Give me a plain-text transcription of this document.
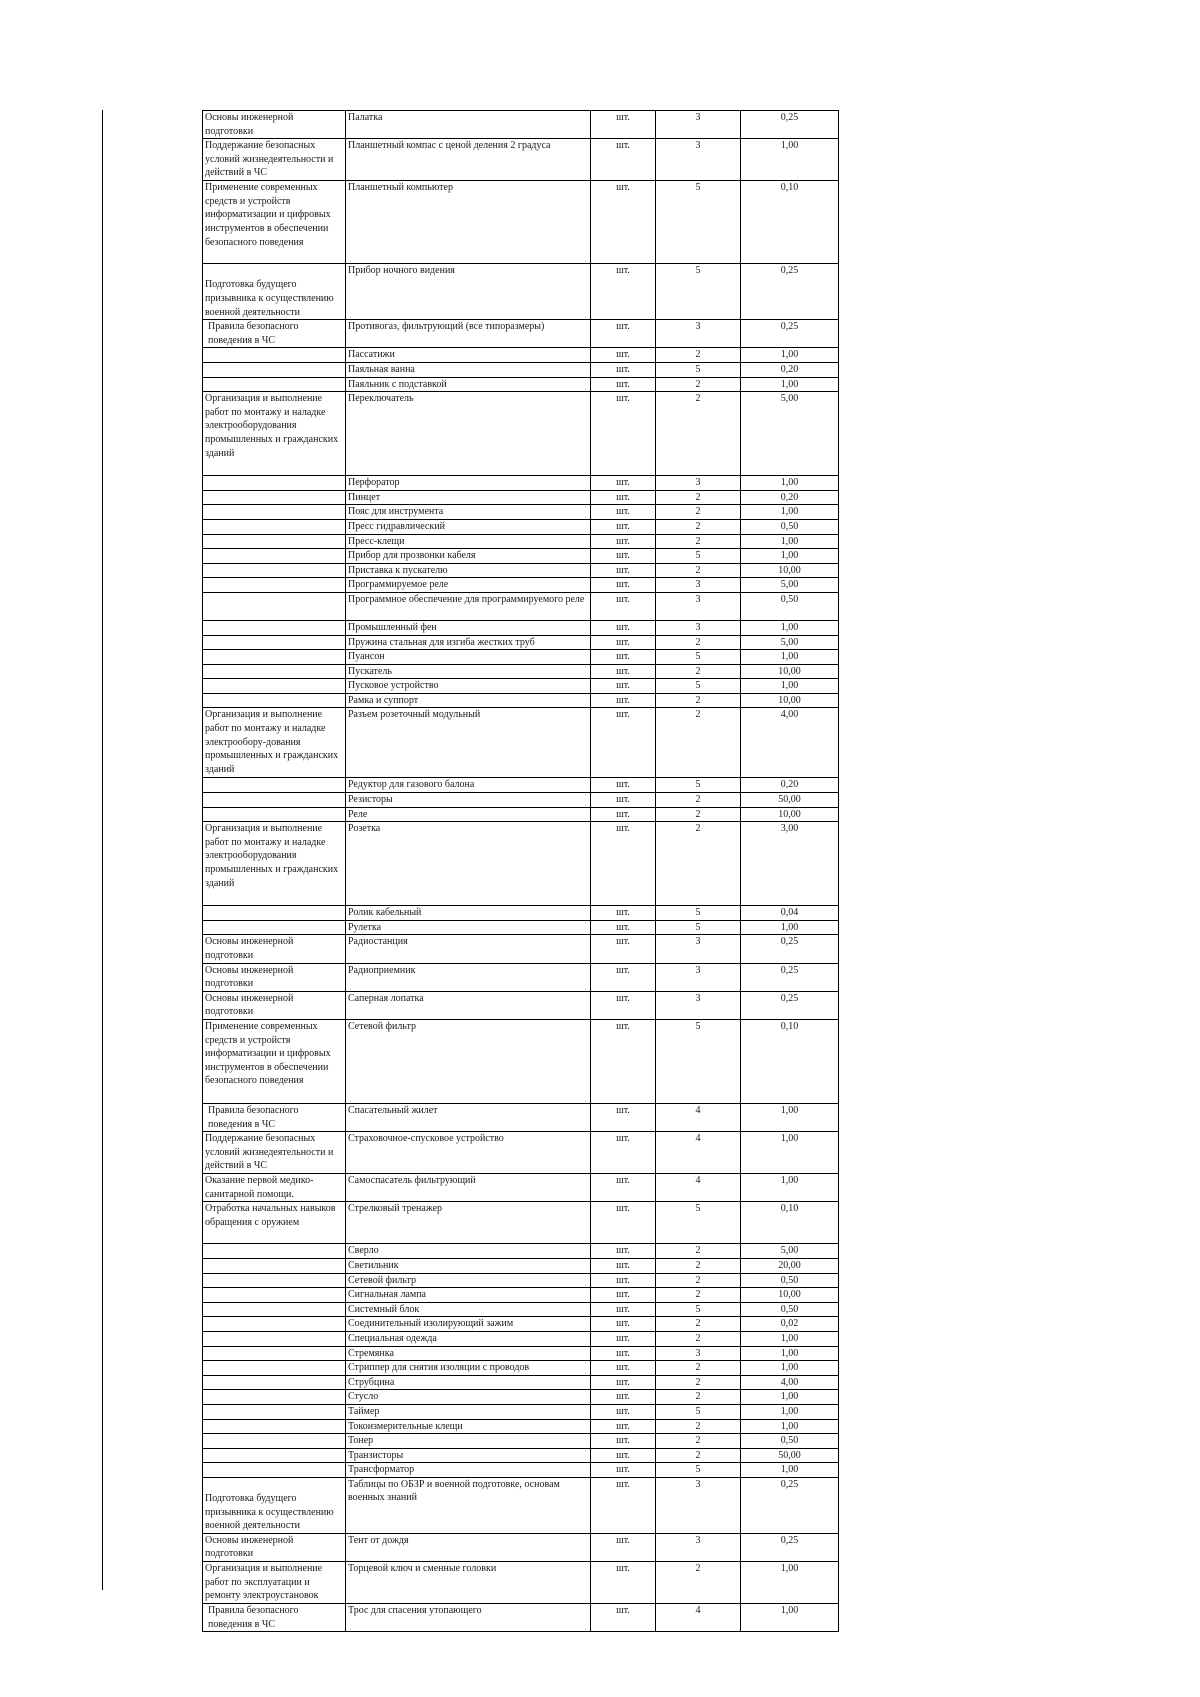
Основы инженерной подготовки	Палатка	шт.	3	0,25
Поддержание безопасных условий жизнедеятельности и действий в ЧС	Планшетный компас с ценой деления 2 градуса	шт.	3	1,00
Применение современных средств и устройств информатизации и цифровых инструментов в обеспечении безопасного поведения	Планшетный компьютер	шт.	5	0,10
Подготовка будущего призывника к осуществлению военной деятельности	Прибор ночного видения	шт.	5	0,25
Правила безопасного поведения в ЧС	Противогаз, фильтрующий (все типоразмеры)	шт.	3	0,25
	Пассатижи	шт.	2	1,00
	Паяльная ванна	шт.	5	0,20
	Паяльник с подставкой	шт.	2	1,00
Организация и выполнение работ по монтажу и наладке электрооборудования промышленных и гражданских зданий	Переключатель	шт.	2	5,00
	Перфоратор	шт.	3	1,00
	Пинцет	шт.	2	0,20
	Пояс для инструмента	шт.	2	1,00
	Пресс гидравлический	шт.	2	0,50
	Пресс-клещи	шт.	2	1,00
	Прибор для прозвонки кабеля	шт.	5	1,00
	Приставка к пускателю	шт.	2	10,00
	Программируемое реле	шт.	3	5,00
	Программное обеспечение для программируемого реле	шт.	3	0,50
	Промышленный фен	шт.	3	1,00
	Пружина стальная для изгиба жестких труб	шт.	2	5,00
	Пуансон	шт.	5	1,00
	Пускатель	шт.	2	10,00
	Пусковое устройство	шт.	5	1,00
	Рамка и суппорт	шт.	2	10,00
Организация и выполнение работ по монтажу и наладке электрообору-дования промышленных и гражданских зданий	Разъем розеточный модульный	шт.	2	4,00
	Редуктор для газового балона	шт.	5	0,20
	Резисторы	шт.	2	50,00
	Реле	шт.	2	10,00
Организация и выполнение работ по монтажу и наладке электрооборудования промышленных и гражданских зданий	Розетка	шт.	2	3,00
	Ролик кабельный	шт.	5	0,04
	Рулетка	шт.	5	1,00
Основы инженерной подготовки	Радиостанция	шт.	3	0,25
Основы инженерной подготовки	Радиоприемник	шт.	3	0,25
Основы инженерной подготовки	Саперная лопатка	шт.	3	0,25
Применение современных средств и устройств информатизации и цифровых инструментов в обеспечении безопасного поведения	Сетевой фильтр	шт.	5	0,10
Правила безопасного поведения в ЧС	Спасательный жилет	шт.	4	1,00
Поддержание безопасных условий жизнедеятельности и действий в ЧС	Страховочное-спусковое устройство	шт.	4	1,00
Оказание первой медико-санитарной помощи.	Самоспасатель фильтрующий	шт.	4	1,00
Отработка начальных навыков обращения с оружием	Стрелковый тренажер	шт.	5	0,10
	Сверло	шт.	2	5,00
	Светильник	шт.	2	20,00
	Сетевой фильтр	шт.	2	0,50
	Сигнальная лампа	шт.	2	10,00
	Системный блок	шт.	5	0,50
	Соединительный изолирующий зажим	шт.	2	0,02
	Специальная одежда	шт.	2	1,00
	Стремянка	шт.	3	1,00
	Стриппер для снятия изоляции с проводов	шт.	2	1,00
	Струбцина	шт.	2	4,00
	Стусло	шт.	2	1,00
	Таймер	шт.	5	1,00
	Токоизмерительные клещи	шт.	2	1,00
	Тонер	шт.	2	0,50
	Транзисторы	шт.	2	50,00
	Трансформатор	шт.	5	1,00
Подготовка будущего призывника к осуществлению военной деятельности	Таблицы по ОБЗР и военной подготовке, основам военных знаний	шт.	3	0,25
Основы инженерной подготовки	Тент от дождя	шт.	3	0,25
Организация и выполнение работ по эксплуатации и ремонту электроустановок	Торцевой ключ и сменные головки	шт.	2	1,00
Правила безопасного поведения в ЧС	Трос для спасения утопающего	шт.	4	1,00
